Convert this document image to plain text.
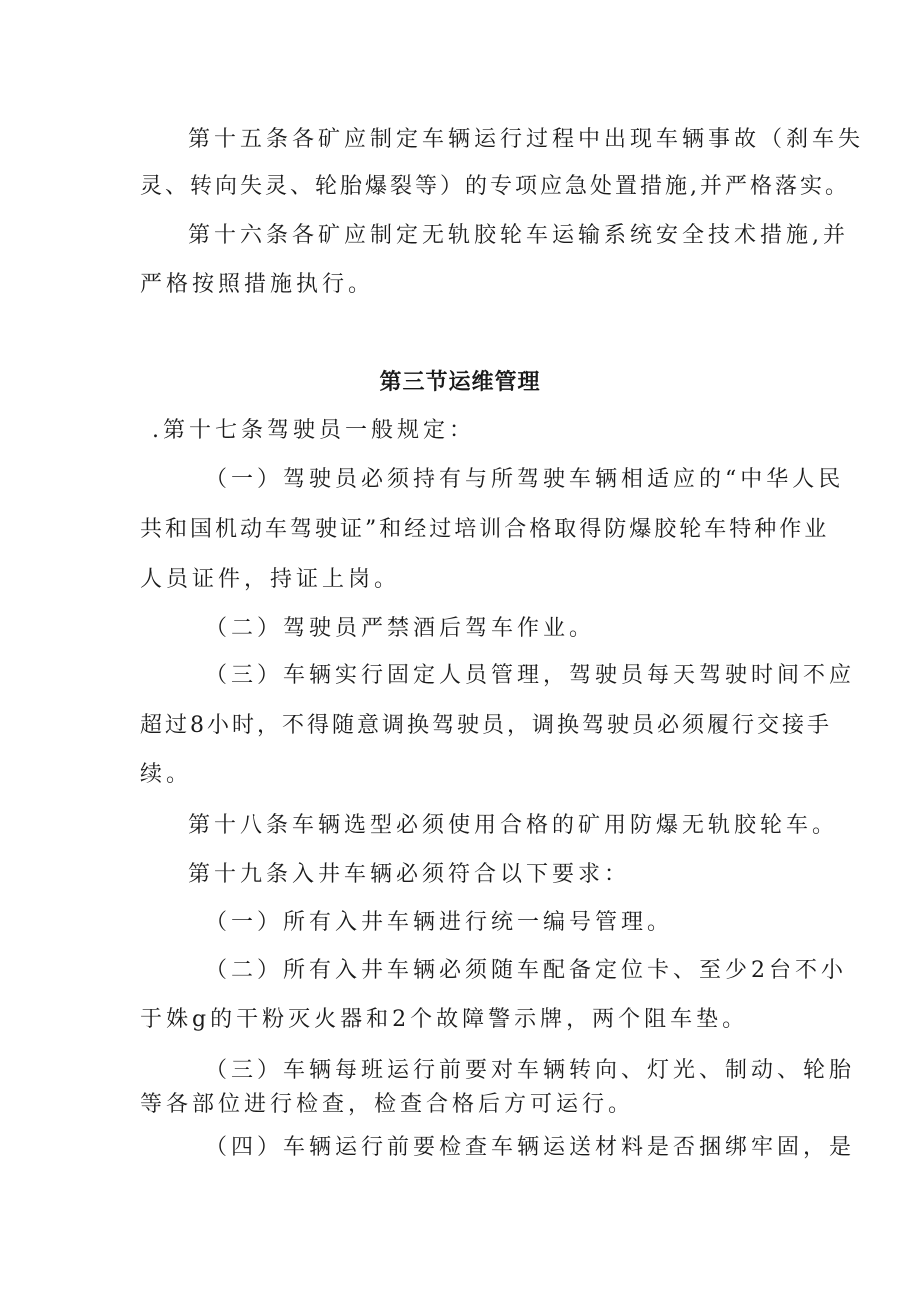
第十五条各矿应制定车辆运行过程中出现车辆事故（刹车失
灵、转向失灵、轮胎爆裂等）的专项应急处置措施,并严格落实。
第十六条各矿应制定无轨胶轮车运输系统安全技术措施,并
严格按照措施执行。
第三节运维管理
.第十七条驾驶员一般规定：
（一）驾驶员必须持有与所驾驶车辆相适应的“中华人民
共和国机动车驾驶证”和经过培训合格取得防爆胶轮车特种作业
人员证件，持证上岗。
（二）驾驶员严禁酒后驾车作业。
（三）车辆实行固定人员管理，驾驶员每天驾驶时间不应
超过8小时，不得随意调换驾驶员，调换驾驶员必须履行交接手
续。
第十八条车辆选型必须使用合格的矿用防爆无轨胶轮车。
第十九条入井车辆必须符合以下要求：
（一）所有入井车辆进行统一编号管理。
（二）所有入井车辆必须随车配备定位卡、至少2台不小
于姝g的干粉灭火器和2个故障警示牌，两个阻车垫。
（三）车辆每班运行前要对车辆转向、灯光、制动、轮胎
等各部位进行检查，检查合格后方可运行。
（四）车辆运行前要检查车辆运送材料是否捆绑牢固，是
